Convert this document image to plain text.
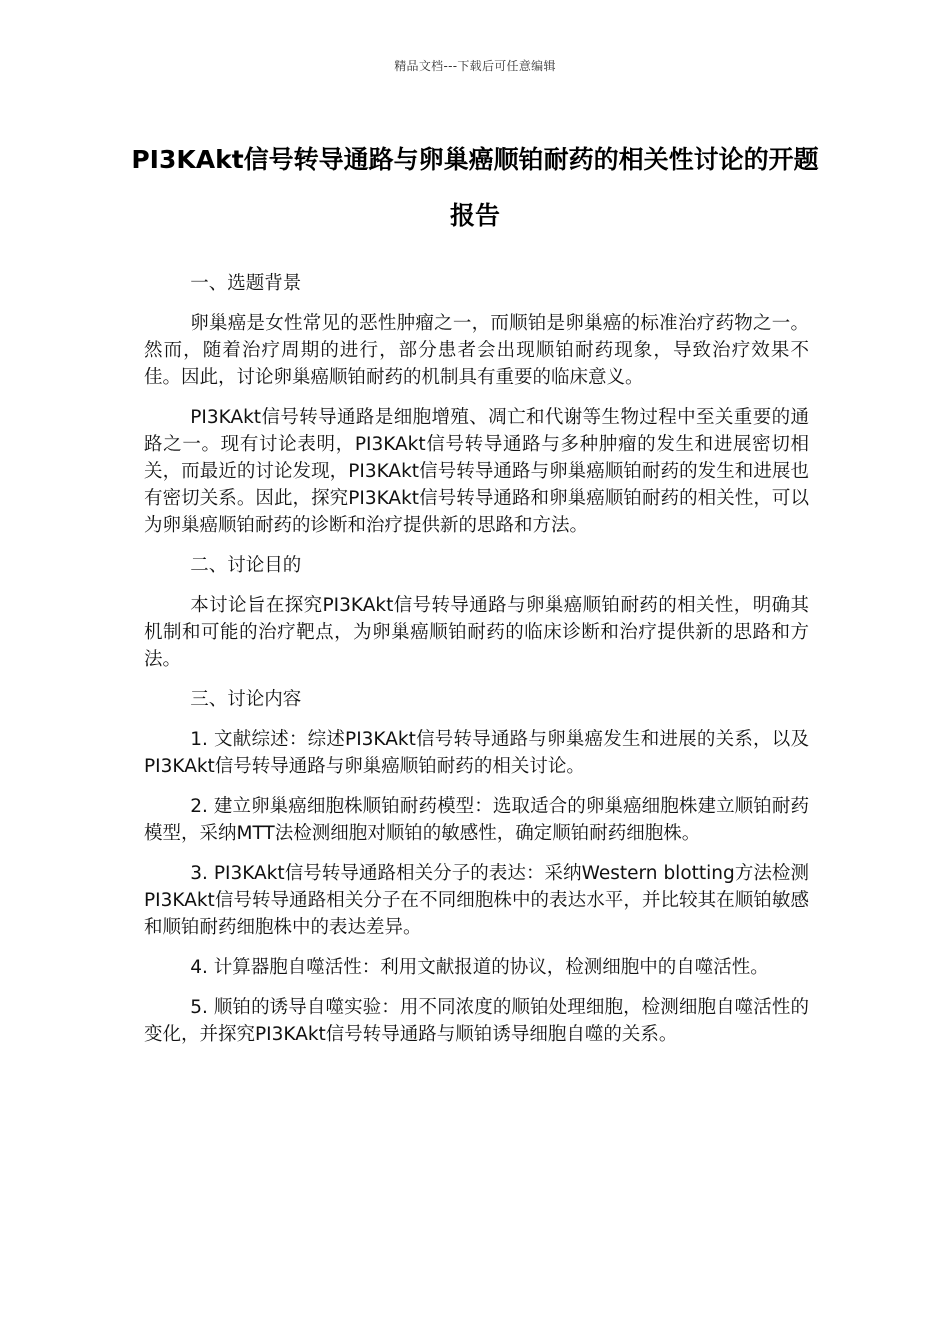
精品文档---下载后可任意编辑
PI3KAkt信号转导通路与卵巢癌顺铂耐药的相关性讨论的开题报告

一、选题背景

卵巢癌是女性常见的恶性肿瘤之一，而顺铂是卵巢癌的标准治疗药物之一。然而，随着治疗周期的进行，部分患者会出现顺铂耐药现象，导致治疗效果不佳。因此，讨论卵巢癌顺铂耐药的机制具有重要的临床意义。

PI3KAkt信号转导通路是细胞增殖、凋亡和代谢等生物过程中至关重要的通路之一。现有讨论表明，PI3KAkt信号转导通路与多种肿瘤的发生和进展密切相关，而最近的讨论发现，PI3KAkt信号转导通路与卵巢癌顺铂耐药的发生和进展也有密切关系。因此，探究PI3KAkt信号转导通路和卵巢癌顺铂耐药的相关性，可以为卵巢癌顺铂耐药的诊断和治疗提供新的思路和方法。

二、讨论目的

本讨论旨在探究PI3KAkt信号转导通路与卵巢癌顺铂耐药的相关性，明确其机制和可能的治疗靶点，为卵巢癌顺铂耐药的临床诊断和治疗提供新的思路和方法。

三、讨论内容

1. 文献综述：综述PI3KAkt信号转导通路与卵巢癌发生和进展的关系，以及PI3KAkt信号转导通路与卵巢癌顺铂耐药的相关讨论。

2. 建立卵巢癌细胞株顺铂耐药模型：选取适合的卵巢癌细胞株建立顺铂耐药模型，采纳MTT法检测细胞对顺铂的敏感性，确定顺铂耐药细胞株。

3. PI3KAkt信号转导通路相关分子的表达：采纳Western blotting方法检测PI3KAkt信号转导通路相关分子在不同细胞株中的表达水平，并比较其在顺铂敏感和顺铂耐药细胞株中的表达差异。

4. 计算器胞自噬活性：利用文献报道的协议，检测细胞中的自噬活性。

5. 顺铂的诱导自噬实验：用不同浓度的顺铂处理细胞，检测细胞自噬活性的变化，并探究PI3KAkt信号转导通路与顺铂诱导细胞自噬的关系。
